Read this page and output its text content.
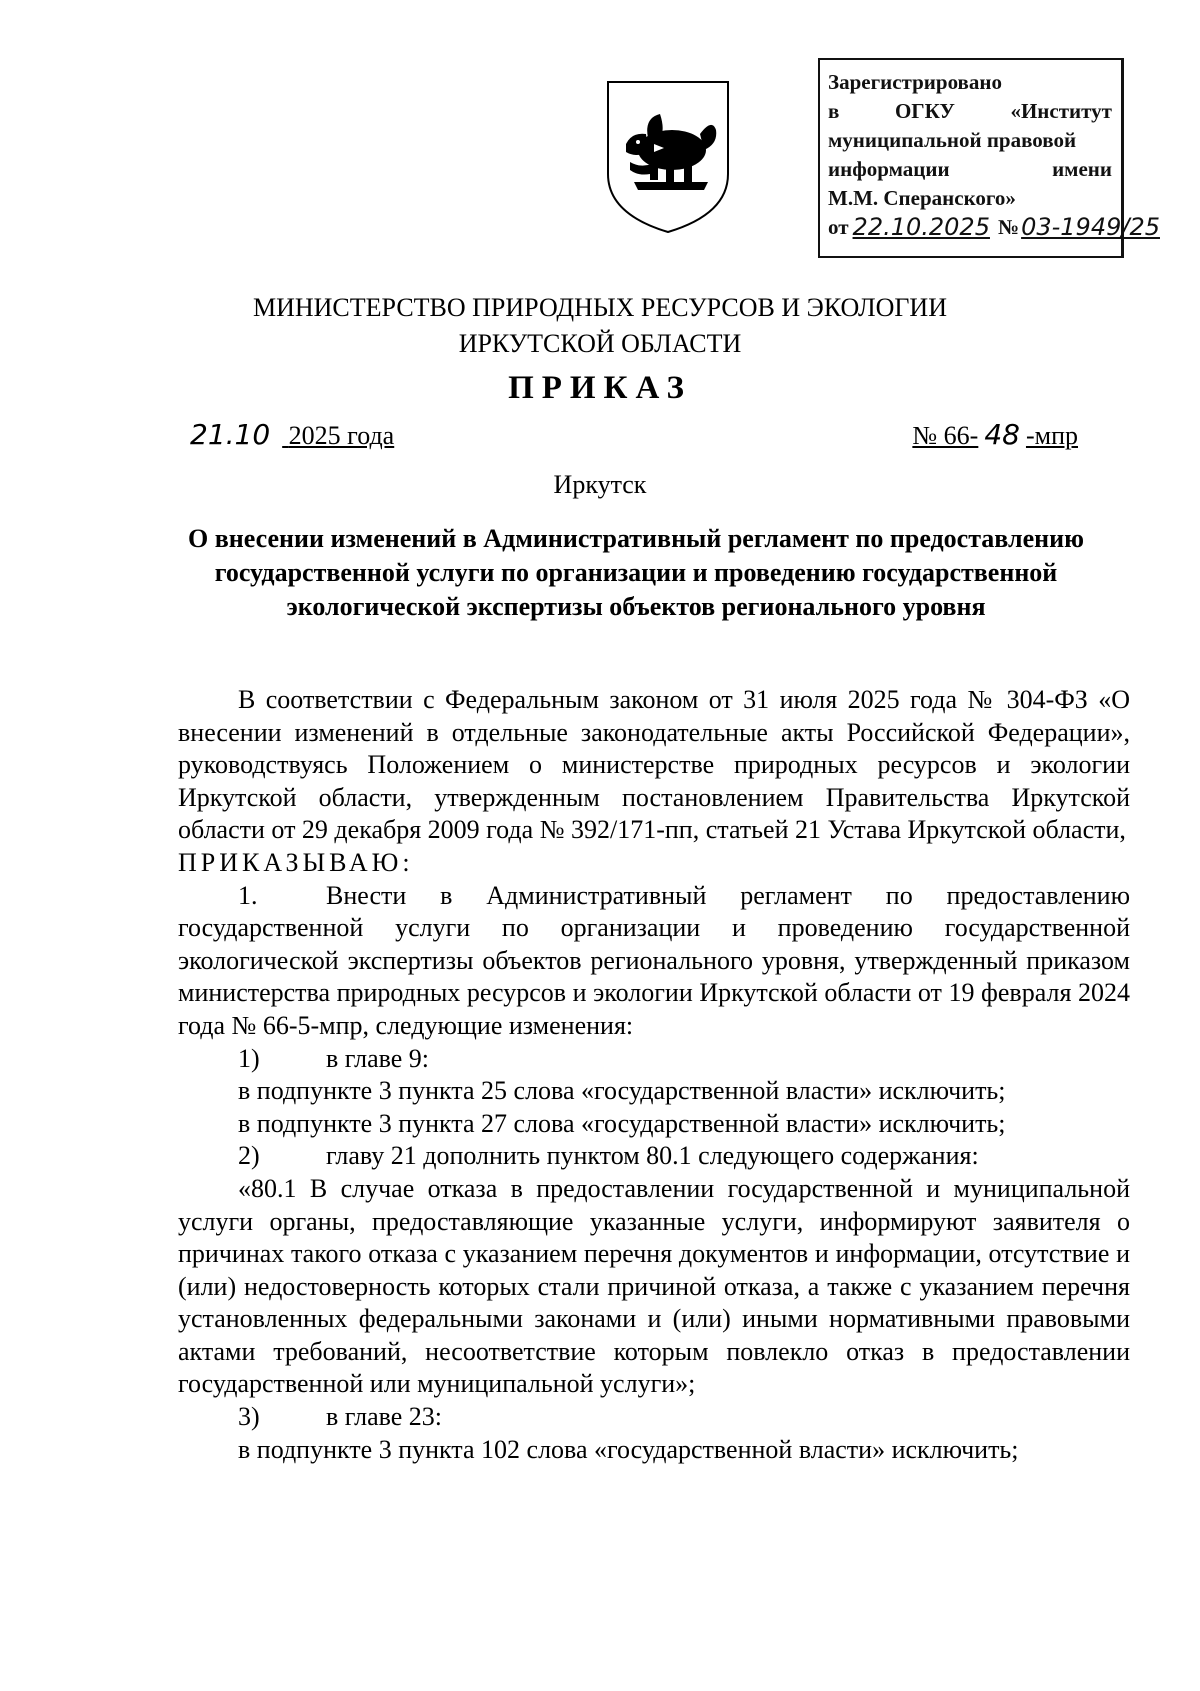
Зарегистрировано
в	ОГКУ	«Институт
муниципальной правовой
информации	имени
М.М. Сперанского»
от 22.10.2025 № 03-1949/25
МИНИСТЕРСТВО ПРИРОДНЫХ РЕСУРСОВ И ЭКОЛОГИИ
ИРКУТСКОЙ ОБЛАСТИ
ПРИКАЗ
21.10 2025 года	№ 66- 48 -мпр
Иркутск
О внесении изменений в Административный регламент по предоставлению государственной услуги по организации и проведению государственной экологической экспертизы объектов регионального уровня

В соответствии с Федеральным законом от 31 июля 2025 года № 304-ФЗ «О внесении изменений в отдельные законодательные акты Российской Федерации», руководствуясь Положением о министерстве природных ресурсов и экологии Иркутской области, утвержденным постановлением Правительства Иркутской области от 29 декабря 2009 года № 392/171-пп, статьей 21 Устава Иркутской области,

ПРИКАЗЫВАЮ:

1.	Внести в Административный регламент по предоставлению государственной услуги по организации и проведению государственной экологической экспертизы объектов регионального уровня, утвержденный приказом министерства природных ресурсов и экологии Иркутской области от 19 февраля 2024 года № 66-5-мпр, следующие изменения:

1)	в главе 9:

в подпункте 3 пункта 25 слова «государственной власти» исключить;

в подпункте 3 пункта 27 слова «государственной власти» исключить;

2)	главу 21 дополнить пунктом 80.1 следующего содержания:

«80.1 В случае отказа в предоставлении государственной и муниципальной услуги органы, предоставляющие указанные услуги, информируют заявителя о причинах такого отказа с указанием перечня документов и информации, отсутствие и (или) недостоверность которых стали причиной отказа, а также с указанием перечня установленных федеральными законами и (или) иными нормативными правовыми актами требований, несоответствие которым повлекло отказ в предоставлении государственной или муниципальной услуги»;

3)	в главе 23:

в подпункте 3 пункта 102 слова «государственной власти» исключить;
